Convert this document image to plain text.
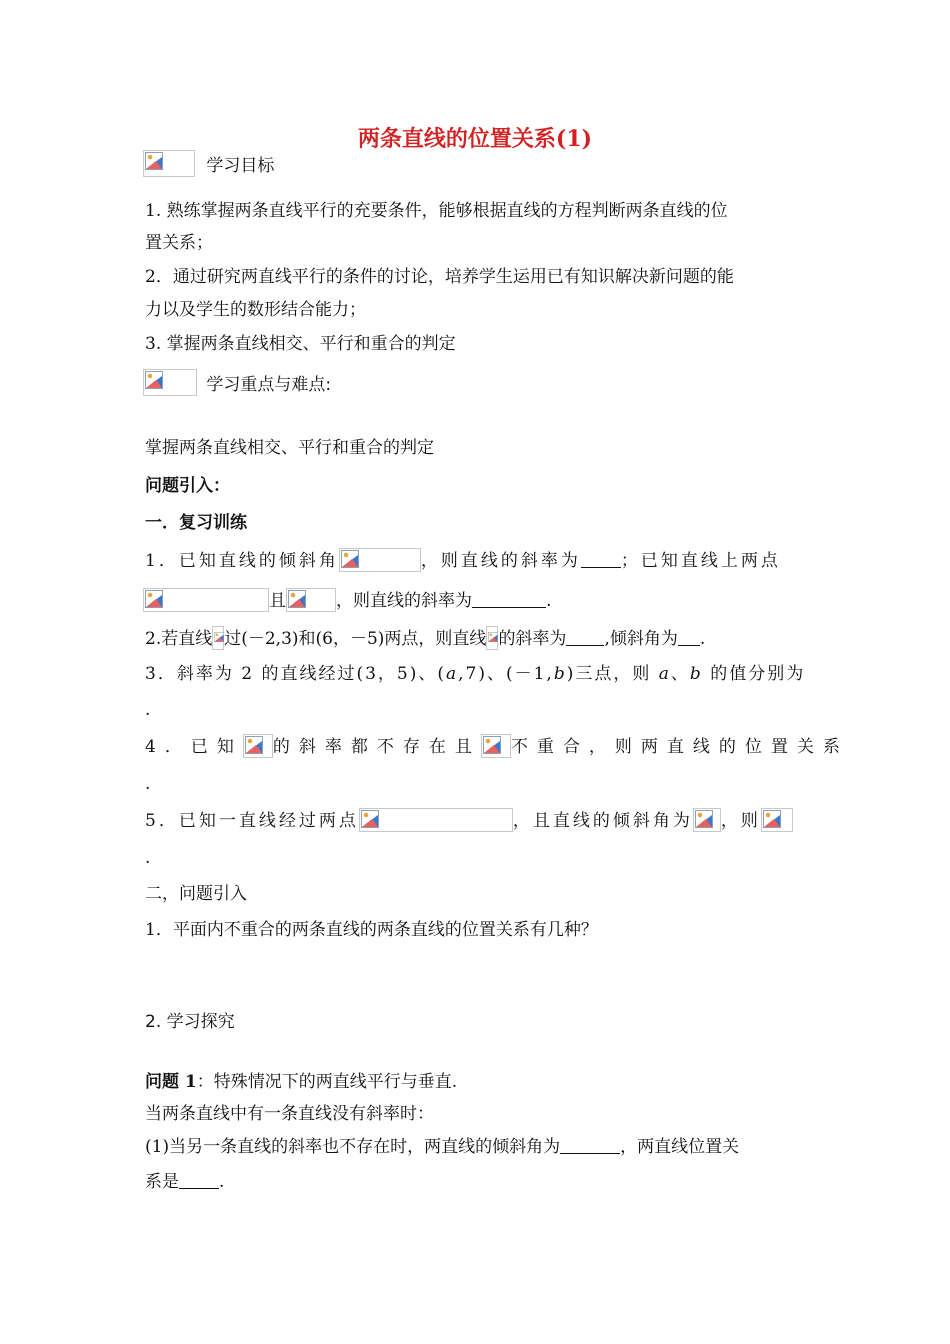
两条直线的位置关系(1)
学习目标
1. 熟练掌握两条直线平行的充要条件，能够根据直线的方程判断两条直线的位
置关系；
2．通过研究两直线平行的条件的讨论，培养学生运用已有知识解决新问题的能
力以及学生的数形结合能力；
3. 掌握两条直线相交、平行和重合的判定
学习重点与难点:
掌握两条直线相交、平行和重合的判定
问题引入：
一．复习训练
1．已知直线的倾斜角	，则直线的斜率为 ；已知直线上两点
且	，则直线的斜率为	.
2.若直线 过(－2,3)和(6，－5)两点，则直线 的斜率为 ,倾斜角为 .
3．斜率为 2 的直线经过(3，5)、(a,7)、(－1,b)三点，则 a、b 的值分别为
.
4．已知 的斜率都不存在且 不重合，则两直线的位置关系
.
5．已知一直线经过两点	，且直线的倾斜角为 ，则
.
二，问题引入
1．平面内不重合的两条直线的两条直线的位置关系有几种？
2. 学习探究
问题 1：特殊情况下的两直线平行与垂直.
当两条直线中有一条直线没有斜率时：
(1)当另一条直线的斜率也不存在时，两直线的倾斜角为	，两直线位置关
系是 .
